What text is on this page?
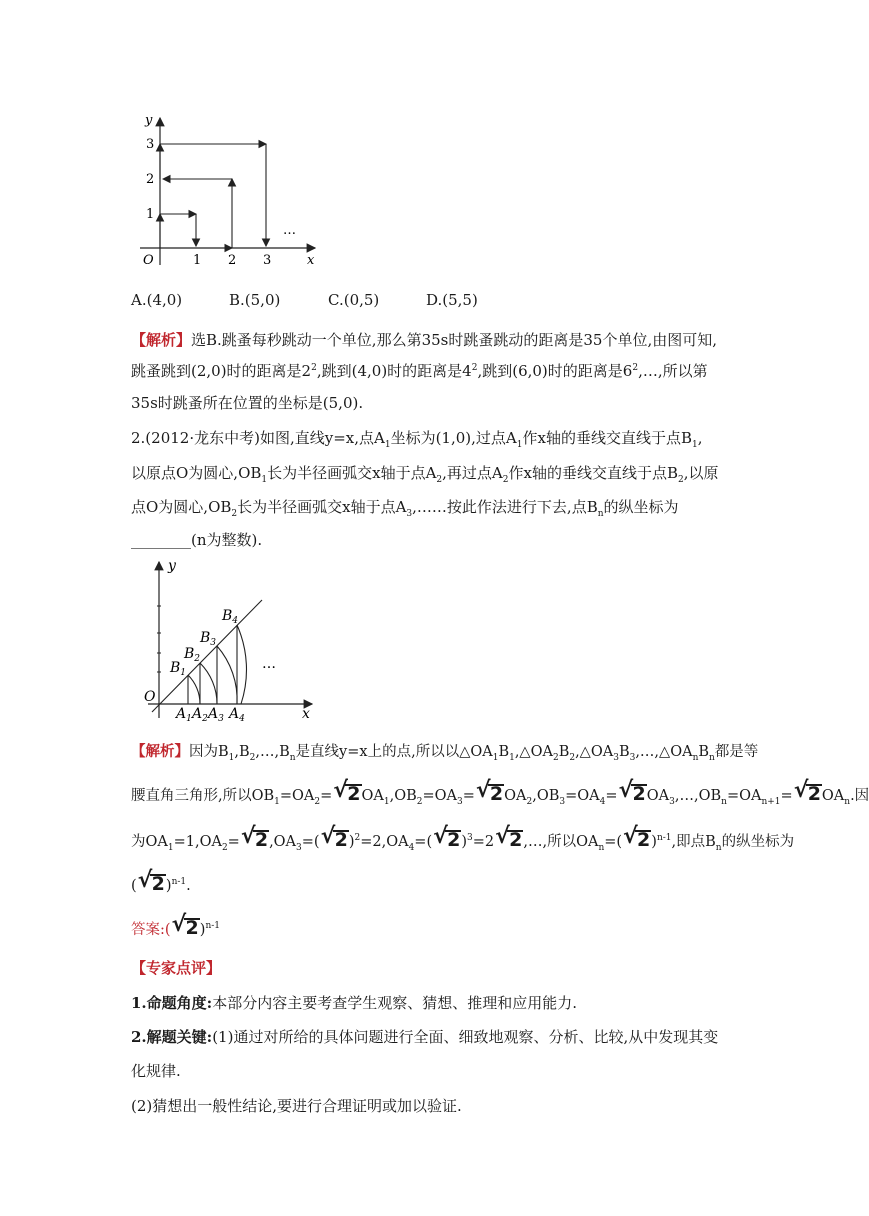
y
x
O
1
2
3
1 2 3
…
A.(4,0)	B.(5,0)	C.(0,5)	D.(5,5)
【解析】选B.跳蚤每秒跳动一个单位,那么第35s时跳蚤跳动的距离是35个单位,由图可知,
跳蚤跳到(2,0)时的距离是$2^2$,跳到(4,0)时的距离是$4^2$,跳到(6,0)时的距离是$6^2,\dots$,所以第
35s时跳蚤所在位置的坐标是(5,0).
2.(2012·龙东中考)如图,直线y=x,点$A_1$坐标为(1,0),过点$A_1$作x轴的垂线交直线于点$B_1$,
以原点O为圆心$,OB_1$长为半径画弧交x轴于点$A_2$,再过点$A_2$作x轴的垂线交直线于点$B_2$,以原
点O为圆心$,OB_2$长为半径画弧交x轴于点$A_3,\dots\dots$按此作法进行下去,点$B_n$的纵坐标为
________(n为整数).
y
x
O
$B_1$
$B_2$
$B_3$
$B_4$
$A_1$ $A_2$ $A_3$ $A_4$
…
【解析】因为$B_1,B_2,\dots,B_n$是直线y=x上的点,所以以$\triangle OA_1B_1,\triangle OA_2B_2,\triangle OA_3B_3,\dots,\triangle OA_nB_n$都是等
腰直角三角形,所以$OB_1=OA_2=√$ $2OA_1,OB_2=OA_3=√$ $2OA_2,OB_3=OA_4=√$ $2OA_3,\dots,OB_n=OA_{n+1}=√$ $2OA_n$.因
为$OA_1=1,OA_2=√$ $2,OA_3=(√$ $2)^2=2,OA_4=(√$ 2)$^3$=2√ 2,…,所以$OA_n=(√$ 2)$^{n-1}$,即点$B_n$的纵坐标为
(√ 2)$^{n-1}$.
答案:(√ 2)$^{n-1}$
【专家点评】
1.命题角度:本部分内容主要考查学生观察、猜想、推理和应用能力.
2.解题关键:(1)通过对所给的具体问题进行全面、细致地观察、分析、比较,从中发现其变
化规律.
(2)猜想出一般性结论,要进行合理证明或加以验证.
